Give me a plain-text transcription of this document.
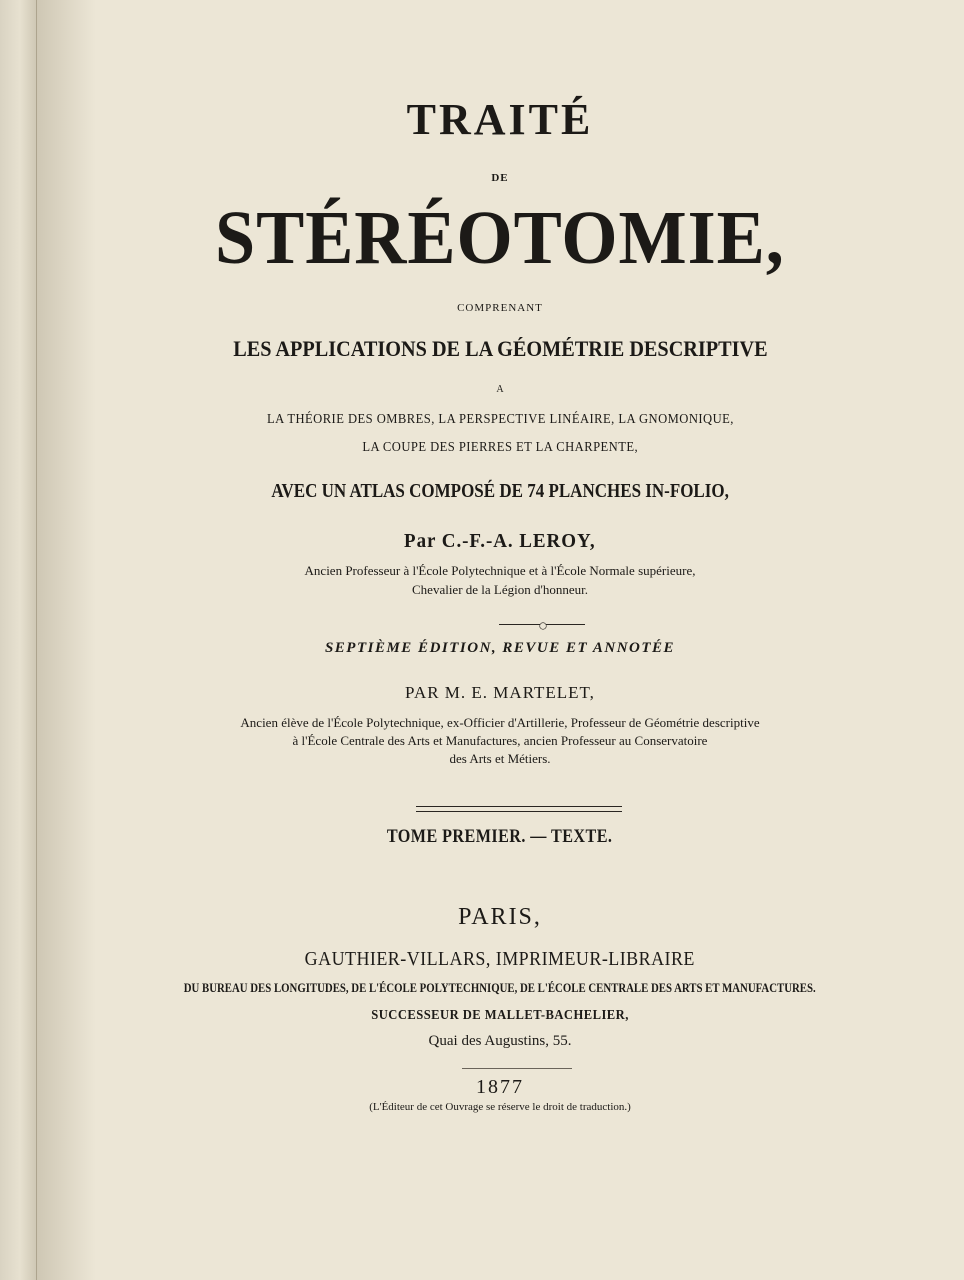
TRAITÉ
DE
STÉRÉOTOMIE,
COMPRENANT
LES APPLICATIONS DE LA GÉOMÉTRIE DESCRIPTIVE
A
LA THÉORIE DES OMBRES, LA PERSPECTIVE LINÉAIRE, LA GNOMONIQUE,
LA COUPE DES PIERRES ET LA CHARPENTE,
AVEC UN ATLAS COMPOSÉ DE 74 PLANCHES IN-FOLIO,
Par C.-F.-A. LEROY,
Ancien Professeur à l'École Polytechnique et à l'École Normale supérieure,
Chevalier de la Légion d'honneur.
SEPTIÈME ÉDITION, REVUE ET ANNOTÉE
PAR M. E. MARTELET,
Ancien élève de l'École Polytechnique, ex-Officier d'Artillerie, Professeur de Géométrie descriptive
à l'École Centrale des Arts et Manufactures, ancien Professeur au Conservatoire
des Arts et Métiers.
TOME PREMIER. — TEXTE.
PARIS,
GAUTHIER-VILLARS, IMPRIMEUR-LIBRAIRE
DU BUREAU DES LONGITUDES, DE L'ÉCOLE POLYTECHNIQUE, DE L'ÉCOLE CENTRALE DES ARTS ET MANUFACTURES.
SUCCESSEUR DE MALLET-BACHELIER,
Quai des Augustins, 55.
1877
(L'Éditeur de cet Ouvrage se réserve le droit de traduction.)
